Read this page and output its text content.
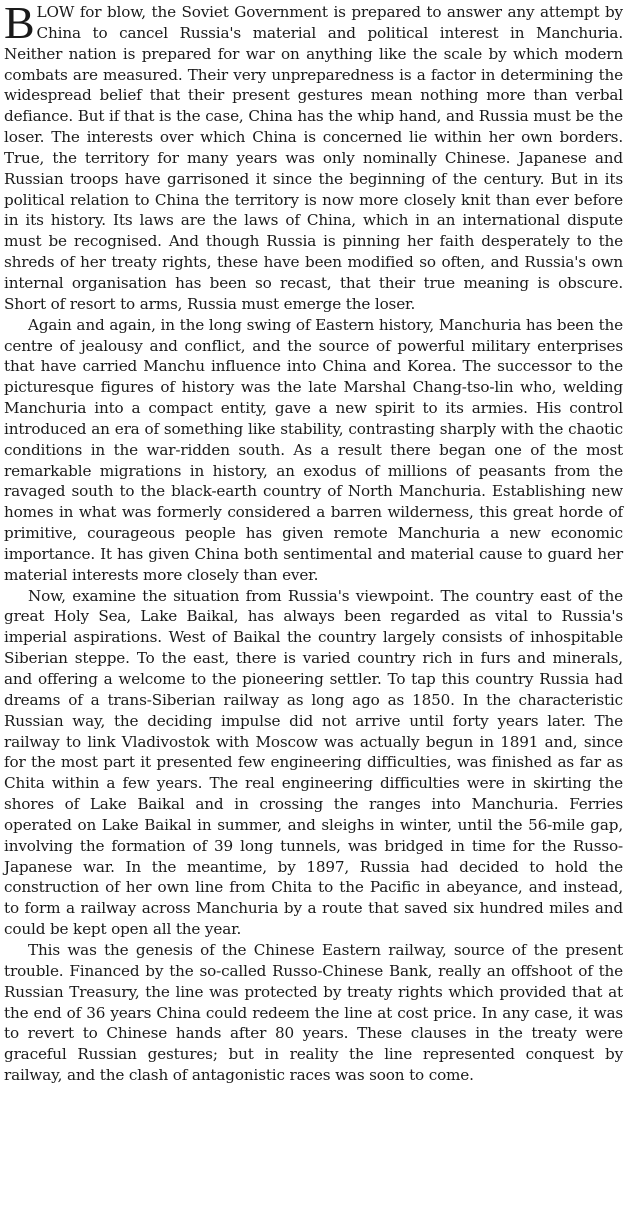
BLOW for blow, the Soviet Government is prepared to answer any attempt by China to cancel Russia's material and political interest in Manchuria. Neither nation is prepared for war on anything like the scale by which modern combats are measured. Their very unpreparedness is a factor in determining the widespread belief that their present gestures mean nothing more than verbal defiance. But if that is the case, China has the whip hand, and Russia must be the loser. The interests over which China is concerned lie within her own borders. True, the territory for many years was only nominally Chinese. Japanese and Russian troops have garrisoned it since the beginning of the century. But in its political relation to China the territory is now more closely knit than ever before in its history. Its laws are the laws of China, which in an international dispute must be recognised. And though Russia is pinning her faith desperately to the shreds of her treaty rights, these have been modified so often, and Russia's own internal organisation has been so recast, that their true meaning is obscure. Short of resort to arms, Russia must emerge the loser.

Again and again, in the long swing of Eastern history, Manchuria has been the centre of jealousy and conflict, and the source of powerful military enterprises that have carried Manchu influence into China and Korea. The successor to the picturesque figures of history was the late Marshal Chang-tso-lin who, welding Manchuria into a compact entity, gave a new spirit to its armies. His control introduced an era of something like stability, contrasting sharply with the chaotic conditions in the war-ridden south. As a result there began one of the most remarkable migrations in history, an exodus of millions of peasants from the ravaged south to the black-earth country of North Manchuria. Establishing new homes in what was formerly considered a barren wilderness, this great horde of primitive, courageous people has given remote Manchuria a new economic importance. It has given China both sentimental and material cause to guard her material interests more closely than ever.

Now, examine the situation from Russia's viewpoint. The country east of the great Holy Sea, Lake Baikal, has always been regarded as vital to Russia's imperial aspirations. West of Baikal the country largely consists of inhospitable Siberian steppe. To the east, there is varied country rich in furs and minerals, and offering a welcome to the pioneering settler. To tap this country Russia had dreams of a trans-Siberian railway as long ago as 1850. In the characteristic Russian way, the deciding impulse did not arrive until forty years later. The railway to link Vladivostok with Moscow was actually begun in 1891 and, since for the most part it presented few engineering difficulties, was finished as far as Chita within a few years. The real engineering difficulties were in skirting the shores of Lake Baikal and in crossing the ranges into Manchuria. Ferries operated on Lake Baikal in summer, and sleighs in winter, until the 56-mile gap, involving the formation of 39 long tunnels, was bridged in time for the Russo-Japanese war. In the meantime, by 1897, Russia had decided to hold the construction of her own line from Chita to the Pacific in abeyance, and instead, to form a railway across Manchuria by a route that saved six hundred miles and could be kept open all the year.

This was the genesis of the Chinese Eastern railway, source of the present trouble. Financed by the so-called Russo-Chinese Bank, really an offshoot of the Russian Treasury, the line was protected by treaty rights which provided that at the end of 36 years China could redeem the line at cost price. In any case, it was to revert to Chinese hands after 80 years. These clauses in the treaty were graceful Russian gestures; but in reality the line represented conquest by railway, and the clash of antagonistic races was soon to come.
